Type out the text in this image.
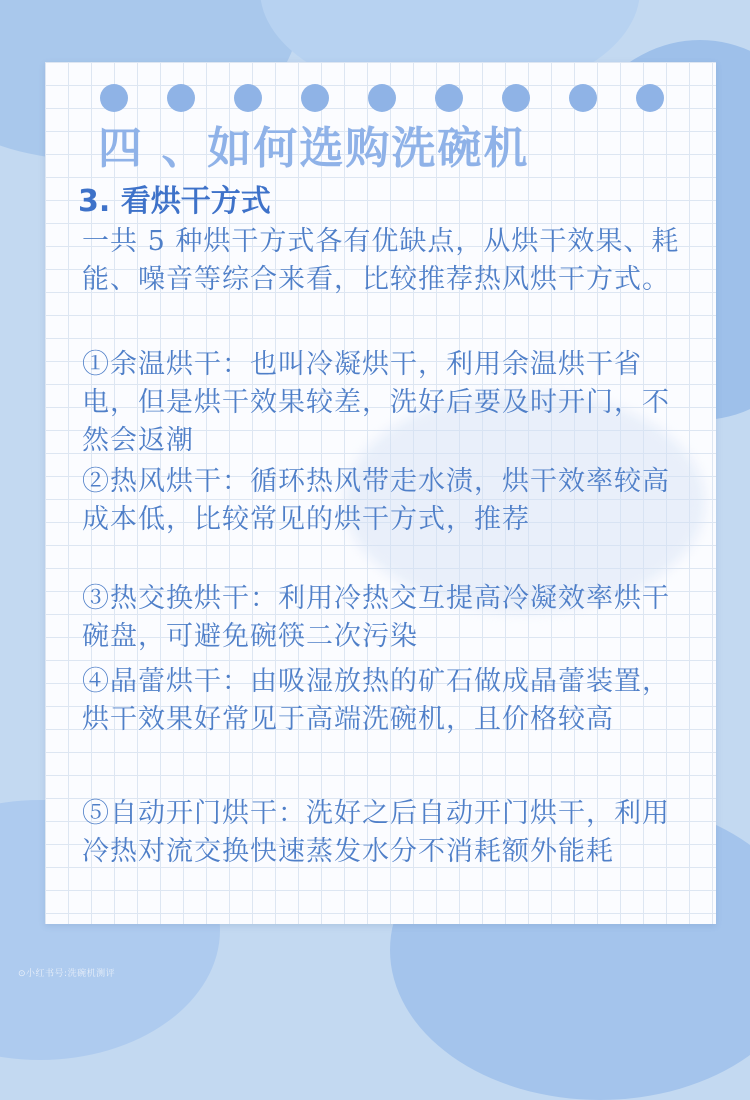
四 、如何选购洗碗机
3. 看烘干方式

一共 5 种烘干方式各有优缺点，从烘干效果、耗能、噪音等综合来看，比较推荐热风烘干方式。

①余温烘干：也叫冷凝烘干，利用余温烘干省电，但是烘干效果较差，洗好后要及时开门，不然会返潮

②热风烘干：循环热风带走水渍，烘干效率较高成本低，比较常见的烘干方式，推荐

③热交换烘干：利用冷热交互提高冷凝效率烘干碗盘，可避免碗筷二次污染

④晶蕾烘干：由吸湿放热的矿石做成晶蕾装置，烘干效果好常见于高端洗碗机，且价格较高

⑤自动开门烘干：洗好之后自动开门烘干，利用冷热对流交换快速蒸发水分不消耗额外能耗

⊙小红书号:洗碗机测评
